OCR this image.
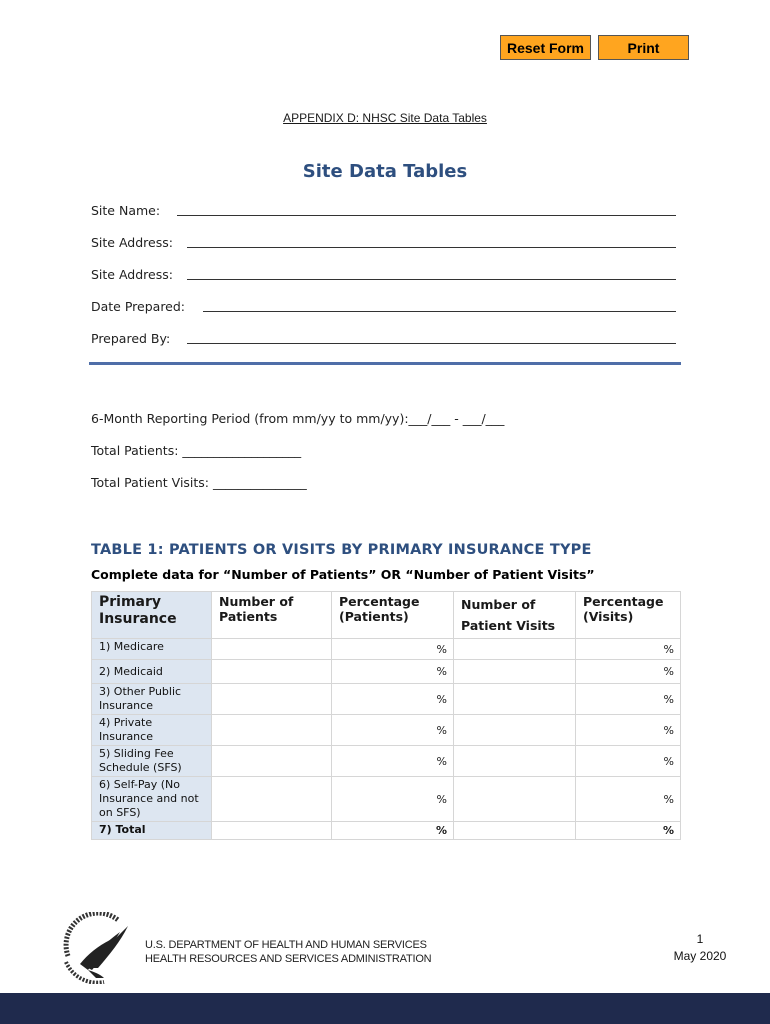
Reset Form	Print
APPENDIX D: NHSC Site Data Tables
Site Data Tables
Site Name:
Site Address:
Site Address:
Date Prepared:
Prepared By:
6-Month Reporting Period (from mm/yy to mm/yy):___/___ - ___/___
Total Patients: ___________________
Total Patient Visits: _______________
TABLE 1: PATIENTS OR VISITS BY PRIMARY INSURANCE TYPE
Complete data for “Number of Patients” OR “Number of Patient Visits”
Primary Insurance	Number of Patients	Percentage (Patients)	Number of Patient Visits	Percentage (Visits)
1) Medicare		%		%
2) Medicaid		%		%
3) Other Public Insurance		%		%
4) Private Insurance		%		%
5) Sliding Fee Schedule (SFS)		%		%
6) Self-Pay (No Insurance and not on SFS)		%		%
7) Total		%		%
U.S. DEPARTMENT OF HEALTH AND HUMAN SERVICES
HEALTH RESOURCES AND SERVICES ADMINISTRATION
1
May 2020
